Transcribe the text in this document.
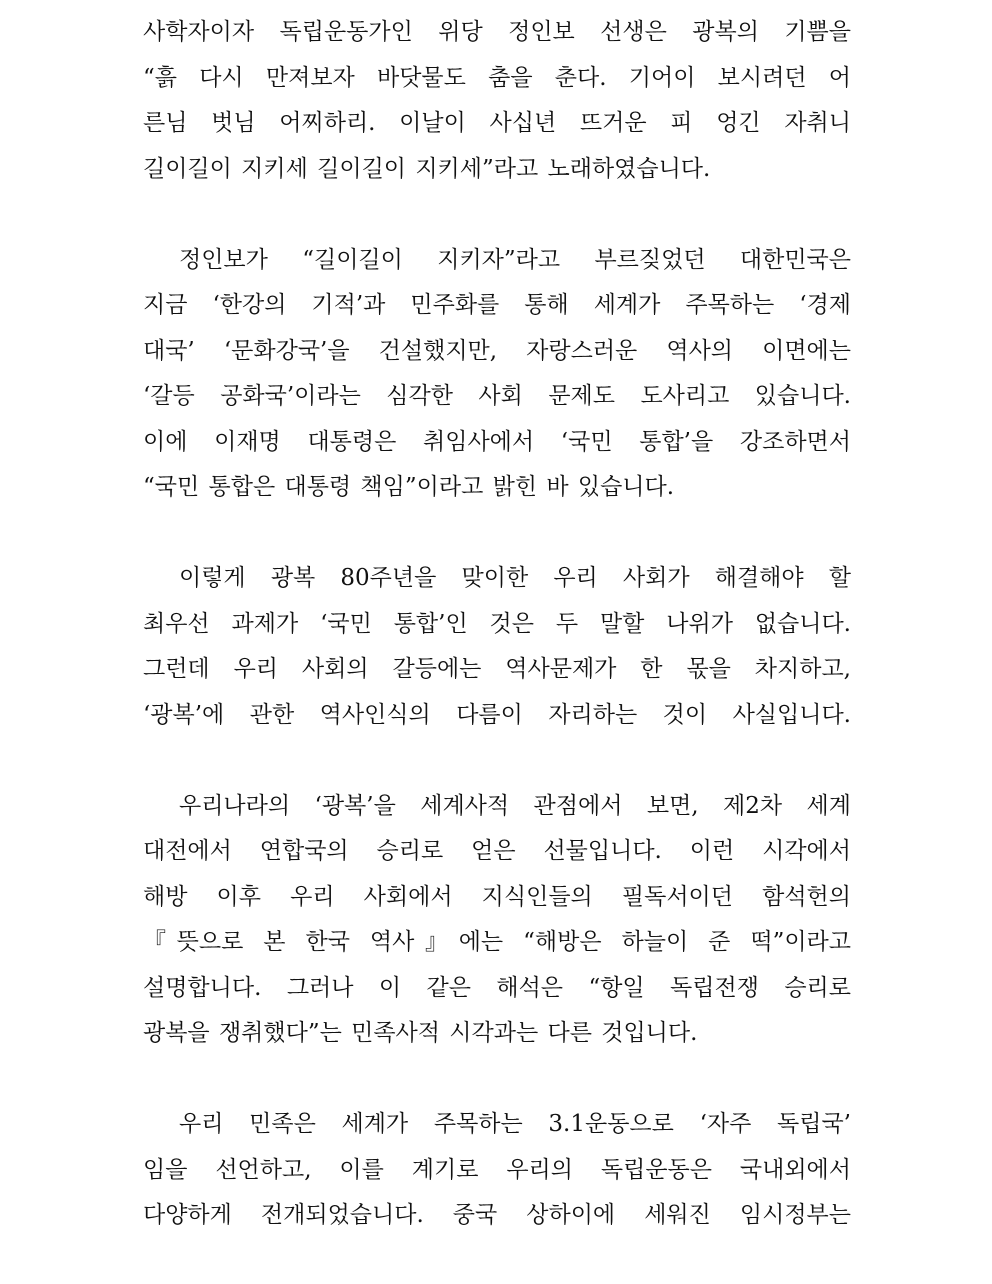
사학자이자 독립운동가인 위당 정인보 선생은 광복의 기쁨을
“흙 다시 만져보자 바닷물도 춤을 춘다. 기어이 보시려던 어
른님 벗님 어찌하리. 이날이 사십년 뜨거운 피 엉긴 자취니
길이길이 지키세 길이길이 지키세”라고 노래하였습니다.
정인보가 “길이길이 지키자”라고 부르짖었던 대한민국은
지금 ‘한강의 기적’과 민주화를 통해 세계가 주목하는 ‘경제
대국’ ‘문화강국’을 건설했지만, 자랑스러운 역사의 이면에는
‘갈등 공화국’이라는 심각한 사회 문제도 도사리고 있습니다.
이에 이재명 대통령은 취임사에서 ‘국민 통합’을 강조하면서
“국민 통합은 대통령 책임”이라고 밝힌 바 있습니다.
이렇게 광복 80주년을 맞이한 우리 사회가 해결해야 할
최우선 과제가 ‘국민 통합’인 것은 두 말할 나위가 없습니다.
그런데 우리 사회의 갈등에는 역사문제가 한 몫을 차지하고,
‘광복’에 관한 역사인식의 다름이 자리하는 것이 사실입니다.
우리나라의 ‘광복’을 세계사적 관점에서 보면, 제2차 세계
대전에서 연합국의 승리로 얻은 선물입니다. 이런 시각에서
해방 이후 우리 사회에서 지식인들의 필독서이던 함석헌의
『뜻으로 본 한국 역사』에는 “해방은 하늘이 준 떡”이라고
설명합니다. 그러나 이 같은 해석은 “항일 독립전쟁 승리로
광복을 쟁취했다”는 민족사적 시각과는 다른 것입니다.
우리 민족은 세계가 주목하는 3.1운동으로 ‘자주 독립국’
임을 선언하고, 이를 계기로 우리의 독립운동은 국내외에서
다양하게 전개되었습니다. 중국 상하이에 세워진 임시정부는
